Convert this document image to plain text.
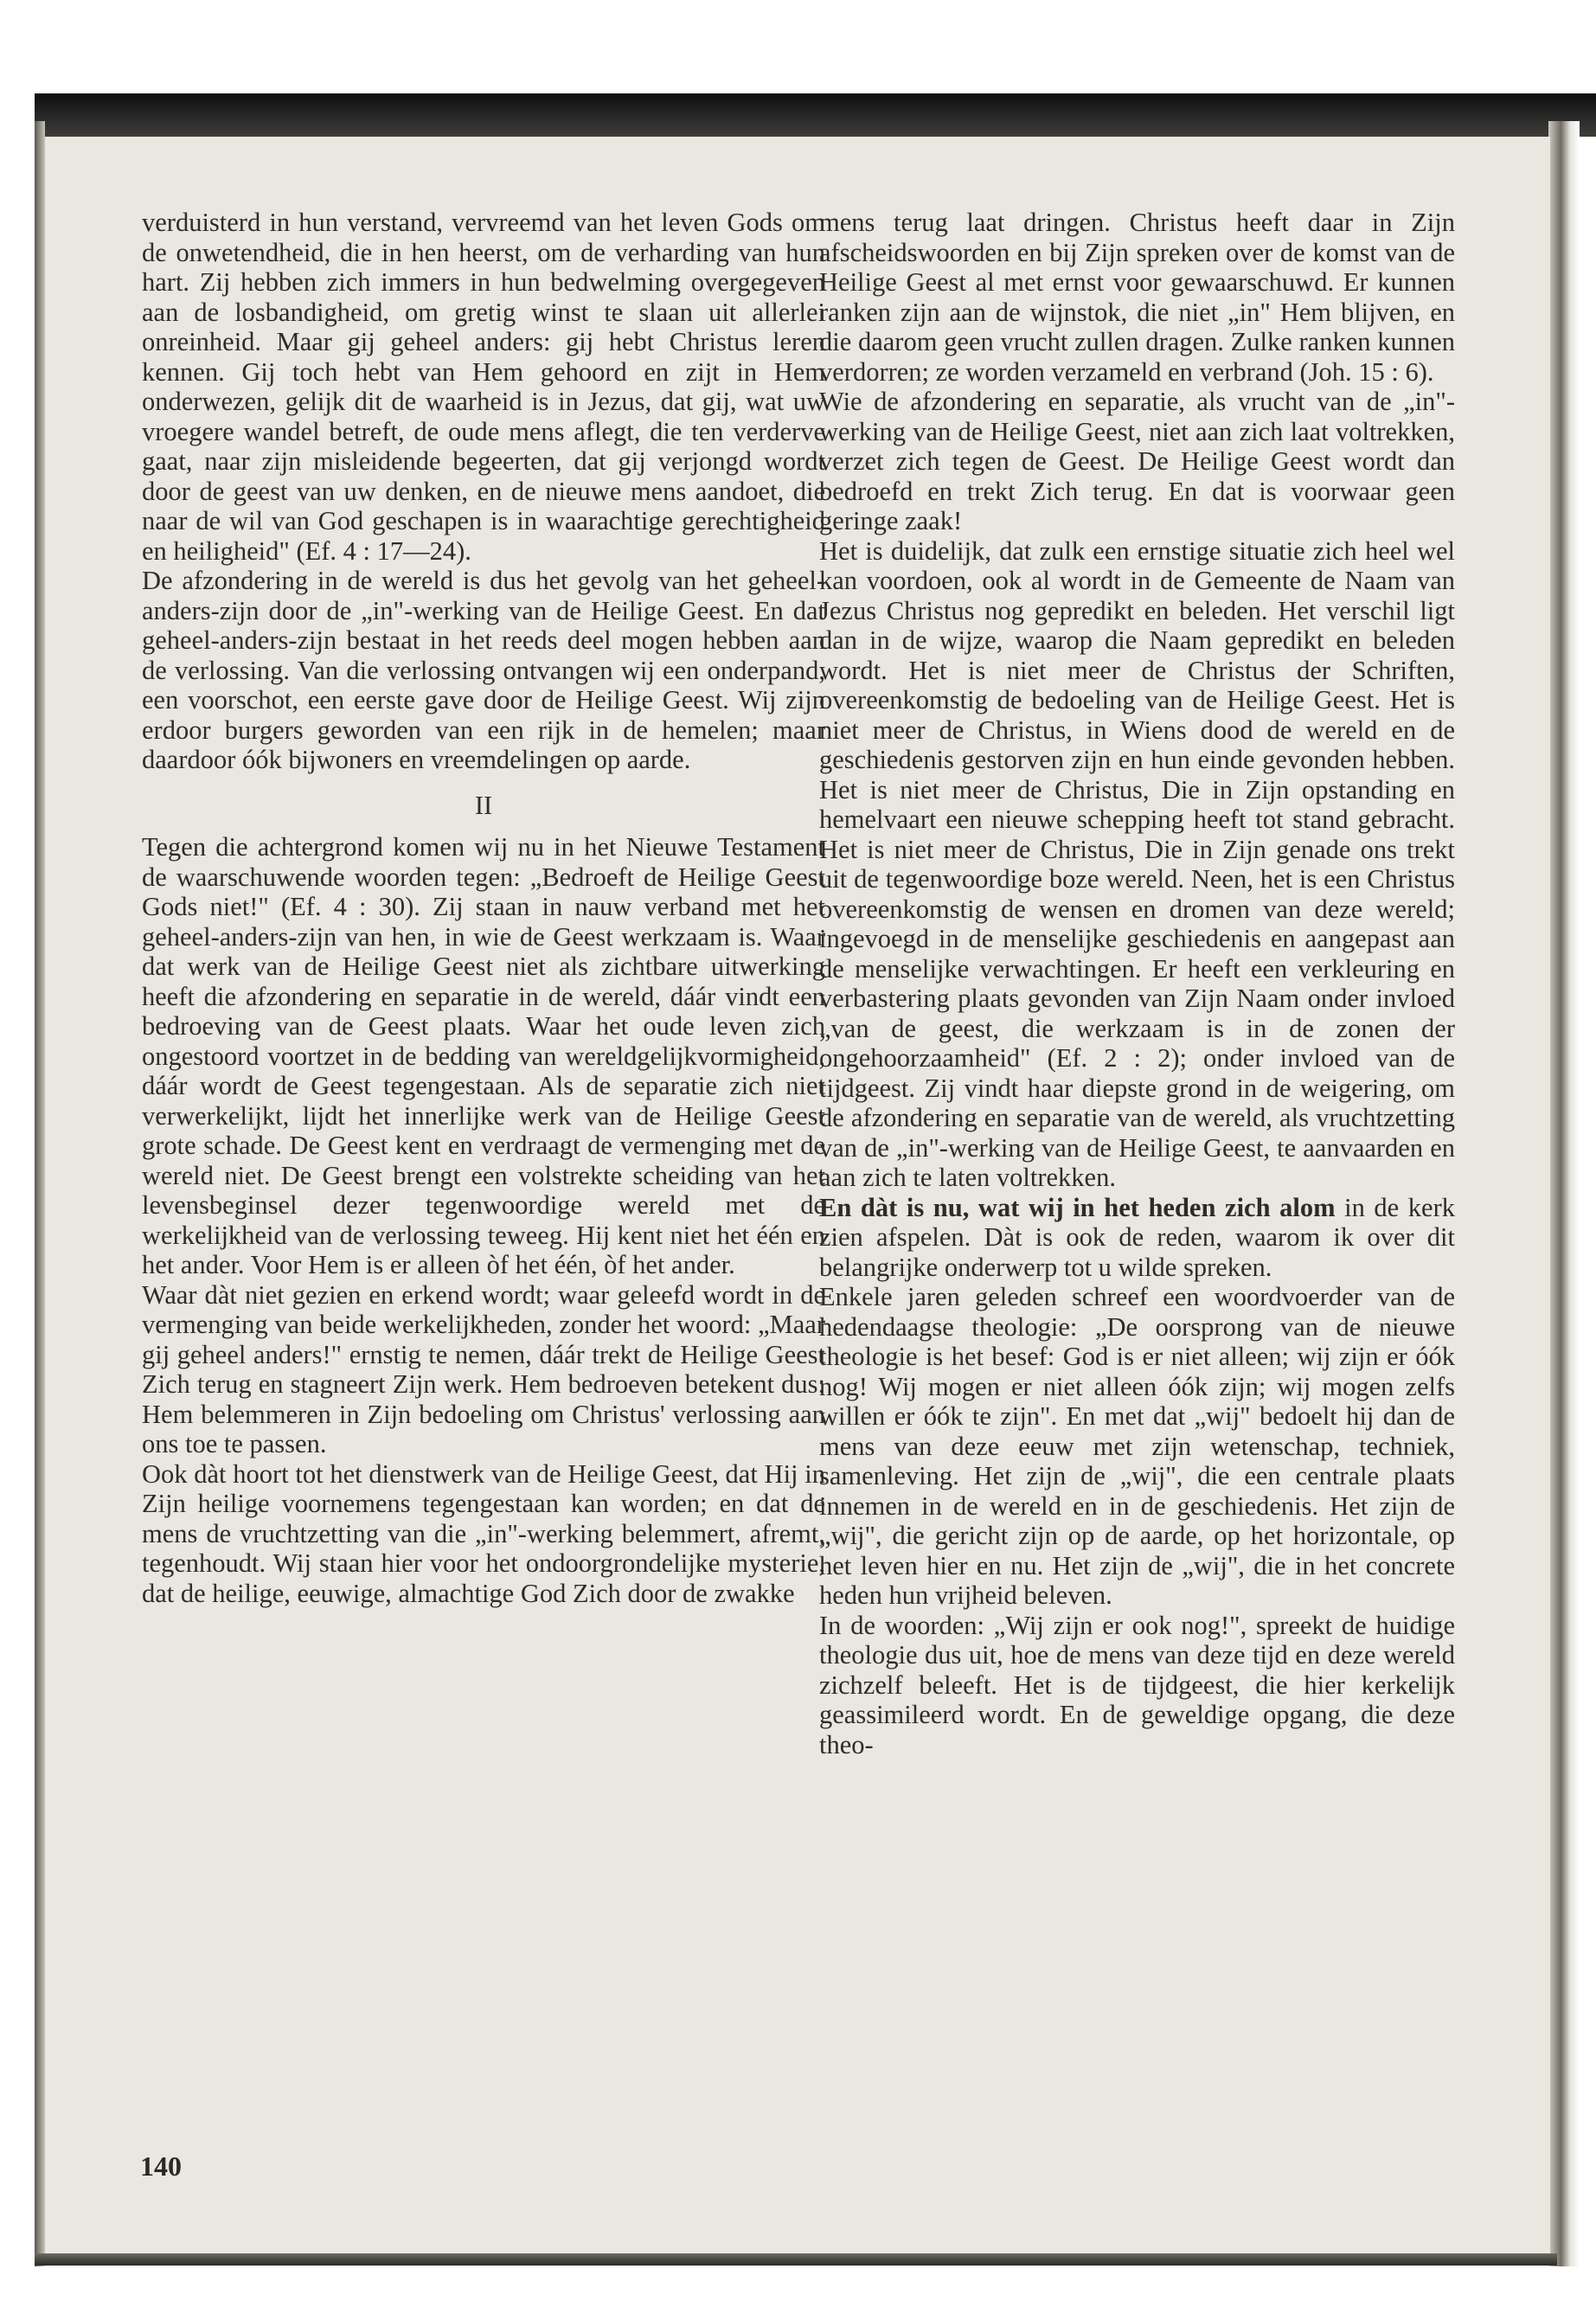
verduisterd in hun verstand, vervreemd van het leven Gods om de onwetendheid, die in hen heerst, om de verharding van hun hart. Zij hebben zich immers in hun bedwelming overgegeven aan de losbandigheid, om gretig winst te slaan uit allerlei onreinheid. Maar gij geheel anders: gij hebt Christus leren kennen. Gij toch hebt van Hem gehoord en zijt in Hem onderwezen, gelijk dit de waarheid is in Jezus, dat gij, wat uw vroegere wandel betreft, de oude mens aflegt, die ten verderve gaat, naar zijn misleidende begeerten, dat gij verjongd wordt door de geest van uw denken, en de nieuwe mens aandoet, die naar de wil van God geschapen is in waarachtige gerechtigheid en heiligheid" (Ef. 4 : 17—24).

De afzondering in de wereld is dus het gevolg van het geheel-anders-zijn door de „in"-werking van de Heilige Geest. En dat geheel-anders-zijn bestaat in het reeds deel mogen hebben aan de verlossing. Van die verlossing ontvangen wij een onderpand, een voorschot, een eerste gave door de Heilige Geest. Wij zijn erdoor burgers geworden van een rijk in de hemelen; maar daardoor óók bijwoners en vreemdelingen op aarde.

II

Tegen die achtergrond komen wij nu in het Nieuwe Testament de waarschuwende woorden tegen: „Bedroeft de Heilige Geest Gods niet!" (Ef. 4 : 30). Zij staan in nauw verband met het geheel-anders-zijn van hen, in wie de Geest werkzaam is. Waar dat werk van de Heilige Geest niet als zichtbare uitwerking heeft die afzondering en separatie in de wereld, dáár vindt een bedroeving van de Geest plaats. Waar het oude leven zich ongestoord voortzet in de bedding van wereldgelijkvormigheid, dáár wordt de Geest tegengestaan. Als de separatie zich niet verwerkelijkt, lijdt het innerlijke werk van de Heilige Geest grote schade. De Geest kent en verdraagt de vermenging met de wereld niet. De Geest brengt een volstrekte scheiding van het levensbeginsel dezer tegenwoordige wereld met de werkelijkheid van de verlossing teweeg. Hij kent niet het één en het ander. Voor Hem is er alleen òf het één, òf het ander.

Waar dàt niet gezien en erkend wordt; waar geleefd wordt in de vermenging van beide werkelijkheden, zonder het woord: „Maar gij geheel anders!" ernstig te nemen, dáár trekt de Heilige Geest Zich terug en stagneert Zijn werk. Hem bedroeven betekent dus: Hem belemmeren in Zijn bedoeling om Christus' verlossing aan ons toe te passen.

Ook dàt hoort tot het dienstwerk van de Heilige Geest, dat Hij in Zijn heilige voornemens tegengestaan kan worden; en dat de mens de vruchtzetting van die „in"-werking belemmert, afremt, tegenhoudt. Wij staan hier voor het ondoorgrondelijke mysterie, dat de heilige, eeuwige, almachtige God Zich door de zwakke

mens terug laat dringen. Christus heeft daar in Zijn afscheidswoorden en bij Zijn spreken over de komst van de Heilige Geest al met ernst voor gewaarschuwd. Er kunnen ranken zijn aan de wijnstok, die niet „in" Hem blijven, en die daarom geen vrucht zullen dragen. Zulke ranken kunnen verdorren; ze worden verzameld en verbrand (Joh. 15 : 6).

Wie de afzondering en separatie, als vrucht van de „in"-werking van de Heilige Geest, niet aan zich laat voltrekken, verzet zich tegen de Geest. De Heilige Geest wordt dan bedroefd en trekt Zich terug. En dat is voorwaar geen geringe zaak!

Het is duidelijk, dat zulk een ernstige situatie zich heel wel kan voordoen, ook al wordt in de Gemeente de Naam van Jezus Christus nog gepredikt en beleden. Het verschil ligt dan in de wijze, waarop die Naam gepredikt en beleden wordt. Het is niet meer de Christus der Schriften, overeenkomstig de bedoeling van de Heilige Geest. Het is niet meer de Christus, in Wiens dood de wereld en de geschiedenis gestorven zijn en hun einde gevonden hebben. Het is niet meer de Christus, Die in Zijn opstanding en hemelvaart een nieuwe schepping heeft tot stand gebracht. Het is niet meer de Christus, Die in Zijn genade ons trekt uit de tegenwoordige boze wereld. Neen, het is een Christus overeenkomstig de wensen en dromen van deze wereld; ingevoegd in de menselijke geschiedenis en aangepast aan de menselijke verwachtingen. Er heeft een verkleuring en verbastering plaats gevonden van Zijn Naam onder invloed „van de geest, die werkzaam is in de zonen der ongehoorzaamheid" (Ef. 2 : 2); onder invloed van de tijdgeest. Zij vindt haar diepste grond in de weigering, om de afzondering en separatie van de wereld, als vruchtzetting van de „in"-werking van de Heilige Geest, te aanvaarden en aan zich te laten voltrekken.

En dàt is nu, wat wij in het heden zich alom in de kerk zien afspelen. Dàt is ook de reden, waarom ik over dit belangrijke onderwerp tot u wilde spreken.

Enkele jaren geleden schreef een woordvoerder van de hedendaagse theologie: „De oorsprong van de nieuwe theologie is het besef: God is er niet alleen; wij zijn er óók nog! Wij mogen er niet alleen óók zijn; wij mogen zelfs willen er óók te zijn". En met dat „wij" bedoelt hij dan de mens van deze eeuw met zijn wetenschap, techniek, samenleving. Het zijn de „wij", die een centrale plaats innemen in de wereld en in de geschiedenis. Het zijn de „wij", die gericht zijn op de aarde, op het horizontale, op het leven hier en nu. Het zijn de „wij", die in het concrete heden hun vrijheid beleven.

In de woorden: „Wij zijn er ook nog!", spreekt de huidige theologie dus uit, hoe de mens van deze tijd en deze wereld zichzelf beleeft. Het is de tijdgeest, die hier kerkelijk geassimileerd wordt. En de geweldige opgang, die deze theo-

140
